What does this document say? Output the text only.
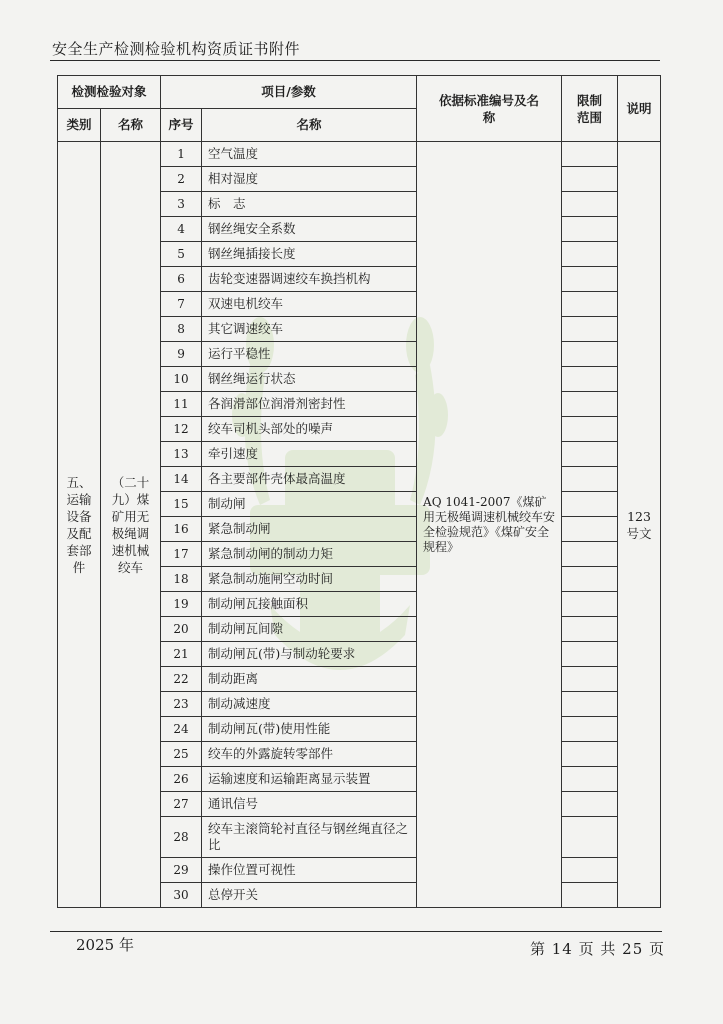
安全生产检测检验机构资质证书附件
检测检验对象		项目/参数		依据标准编号及名称	限制范围	说明
类别	名称	序号	名称			
五、运输设备及配套部件	（二十九）煤矿用无极绳调速机械绞车	1	空气温度	AQ 1041-2007《煤矿用无极绳调速机械绞车安全检验规范》《煤矿安全规程》		123号文
		2	相对湿度			
		3	标　志			
		4	钢丝绳安全系数			
		5	钢丝绳插接长度			
		6	齿轮变速器调速绞车换挡机构			
		7	双速电机绞车			
		8	其它调速绞车			
		9	运行平稳性			
		10	钢丝绳运行状态			
		11	各润滑部位润滑剂密封性			
		12	绞车司机头部处的噪声			
		13	牵引速度			
		14	各主要部件壳体最高温度			
		15	制动闸			
		16	紧急制动闸			
		17	紧急制动闸的制动力矩			
		18	紧急制动施闸空动时间			
		19	制动闸瓦接触面积			
		20	制动闸瓦间隙			
		21	制动闸瓦(带)与制动轮要求			
		22	制动距离			
		23	制动减速度			
		24	制动闸瓦(带)使用性能			
		25	绞车的外露旋转零部件			
		26	运输速度和运输距离显示装置			
		27	通讯信号			
		28	绞车主滚筒轮衬直径与钢丝绳直径之比			
		29	操作位置可视性			
		30	总停开关			
2025 年	第 14 页 共 25 页
